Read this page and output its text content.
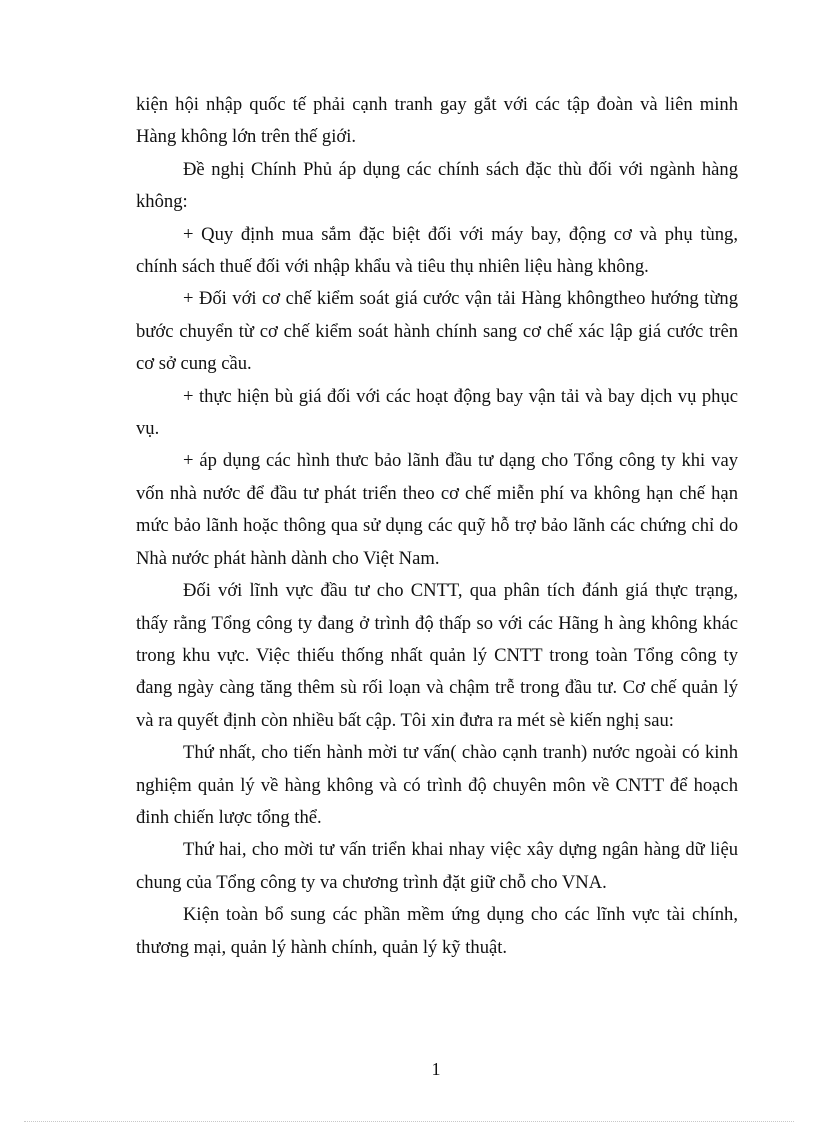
kiện hội nhập quốc tế phải cạnh tranh gay gắt với các tập đoàn và liên minh Hàng không lớn trên thế giới.

Đề nghị Chính Phủ áp dụng các chính sách đặc thù đối với ngành hàng không:

+ Quy định mua sắm đặc biệt đối với máy bay, động cơ và phụ tùng, chính sách thuế đối với nhập khẩu và tiêu thụ nhiên liệu hàng không.

+ Đối với cơ chế kiểm soát giá cước vận tải Hàng khôngtheo hướng từng bước chuyển từ cơ chế kiểm soát hành chính sang cơ chế xác lập giá cước trên cơ sở cung cầu.

+ thực hiện bù giá đối với các hoạt động bay vận tải và bay dịch vụ phục vụ.

+ áp dụng các hình thưc bảo lãnh đầu tư dạng cho Tổng công ty khi vay vốn nhà nước để đầu tư phát triển theo cơ chế miễn phí va không hạn chế hạn mức bảo lãnh hoặc thông qua sử dụng các quỹ hỗ trợ bảo lãnh các chứng chỉ do Nhà nước phát hành dành cho Việt Nam.

Đối với lĩnh vực đầu tư cho CNTT, qua phân tích đánh giá thực trạng, thấy rằng Tổng công ty đang ở trình độ thấp so với các Hãng h àng không khác trong khu vực. Việc thiếu thống nhất quản lý CNTT trong toàn Tổng công ty đang ngày càng tăng thêm sù rối loạn và chậm trễ trong đầu tư. Cơ chế quản lý và ra quyết định còn nhiều bất cập. Tôi xin đưra ra mét sè kiến nghị sau:

Thứ nhất, cho tiến hành mời tư vấn( chào cạnh tranh) nước ngoài có kinh nghiệm quản lý về hàng không và có trình độ chuyên môn về CNTT để hoạch đinh chiến lược tổng thể.

Thứ hai, cho mời tư vấn triển khai nhay việc xây dựng ngân hàng dữ liệu chung của Tổng công ty va chương trình đặt giữ chỗ cho VNA.

Kiện toàn bổ sung các phần mềm ứng dụng cho các lĩnh vực tài chính, thương mại, quản lý hành chính, quản lý kỹ thuật.

1
